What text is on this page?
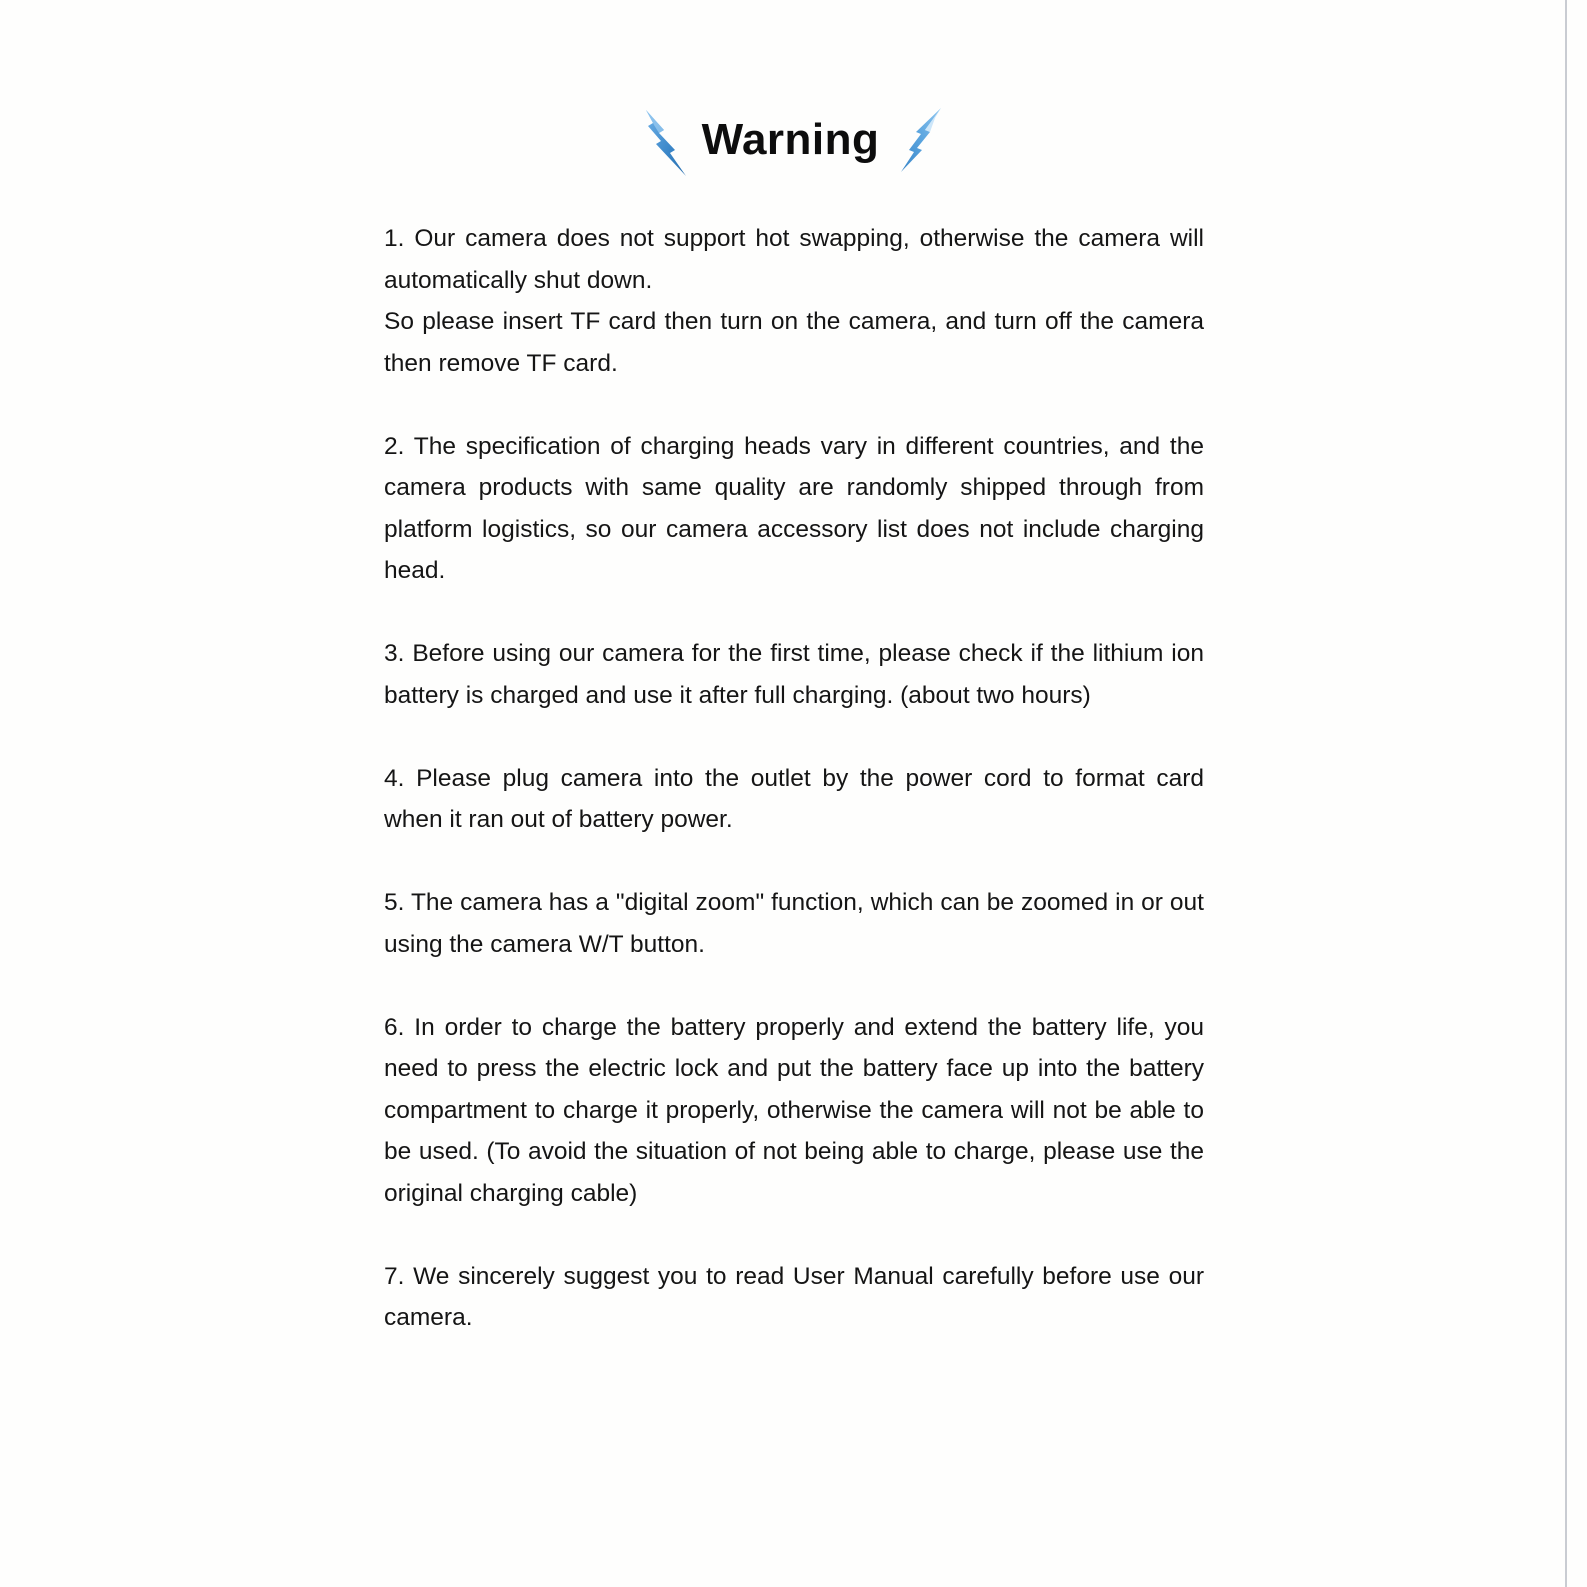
Warning

1. Our camera does not support hot swapping, otherwise the camera will automatically shut down.
So please insert TF card then turn on the camera, and turn off the camera then remove TF card.

2. The specification of charging heads vary in different countries, and the camera products with same quality are randomly shipped through from platform logistics, so our camera accessory list does not include charging head.

3. Before using our camera for the first time, please check if the lithium ion battery is charged and use it after full charging. (about two hours)

4. Please plug camera into the outlet by the power cord to format card when it ran out of battery power.

5. The camera has a "digital zoom" function, which can be zoomed in or out using the camera W/T button.

6. In order to charge the battery properly and extend the battery life, you need to press the electric lock and put the battery face up into the battery compartment to charge it properly, otherwise the camera will not be able to be used. (To avoid the situation of not being able to charge, please use the original charging cable)

7. We sincerely suggest you to read User Manual carefully before use our camera.
